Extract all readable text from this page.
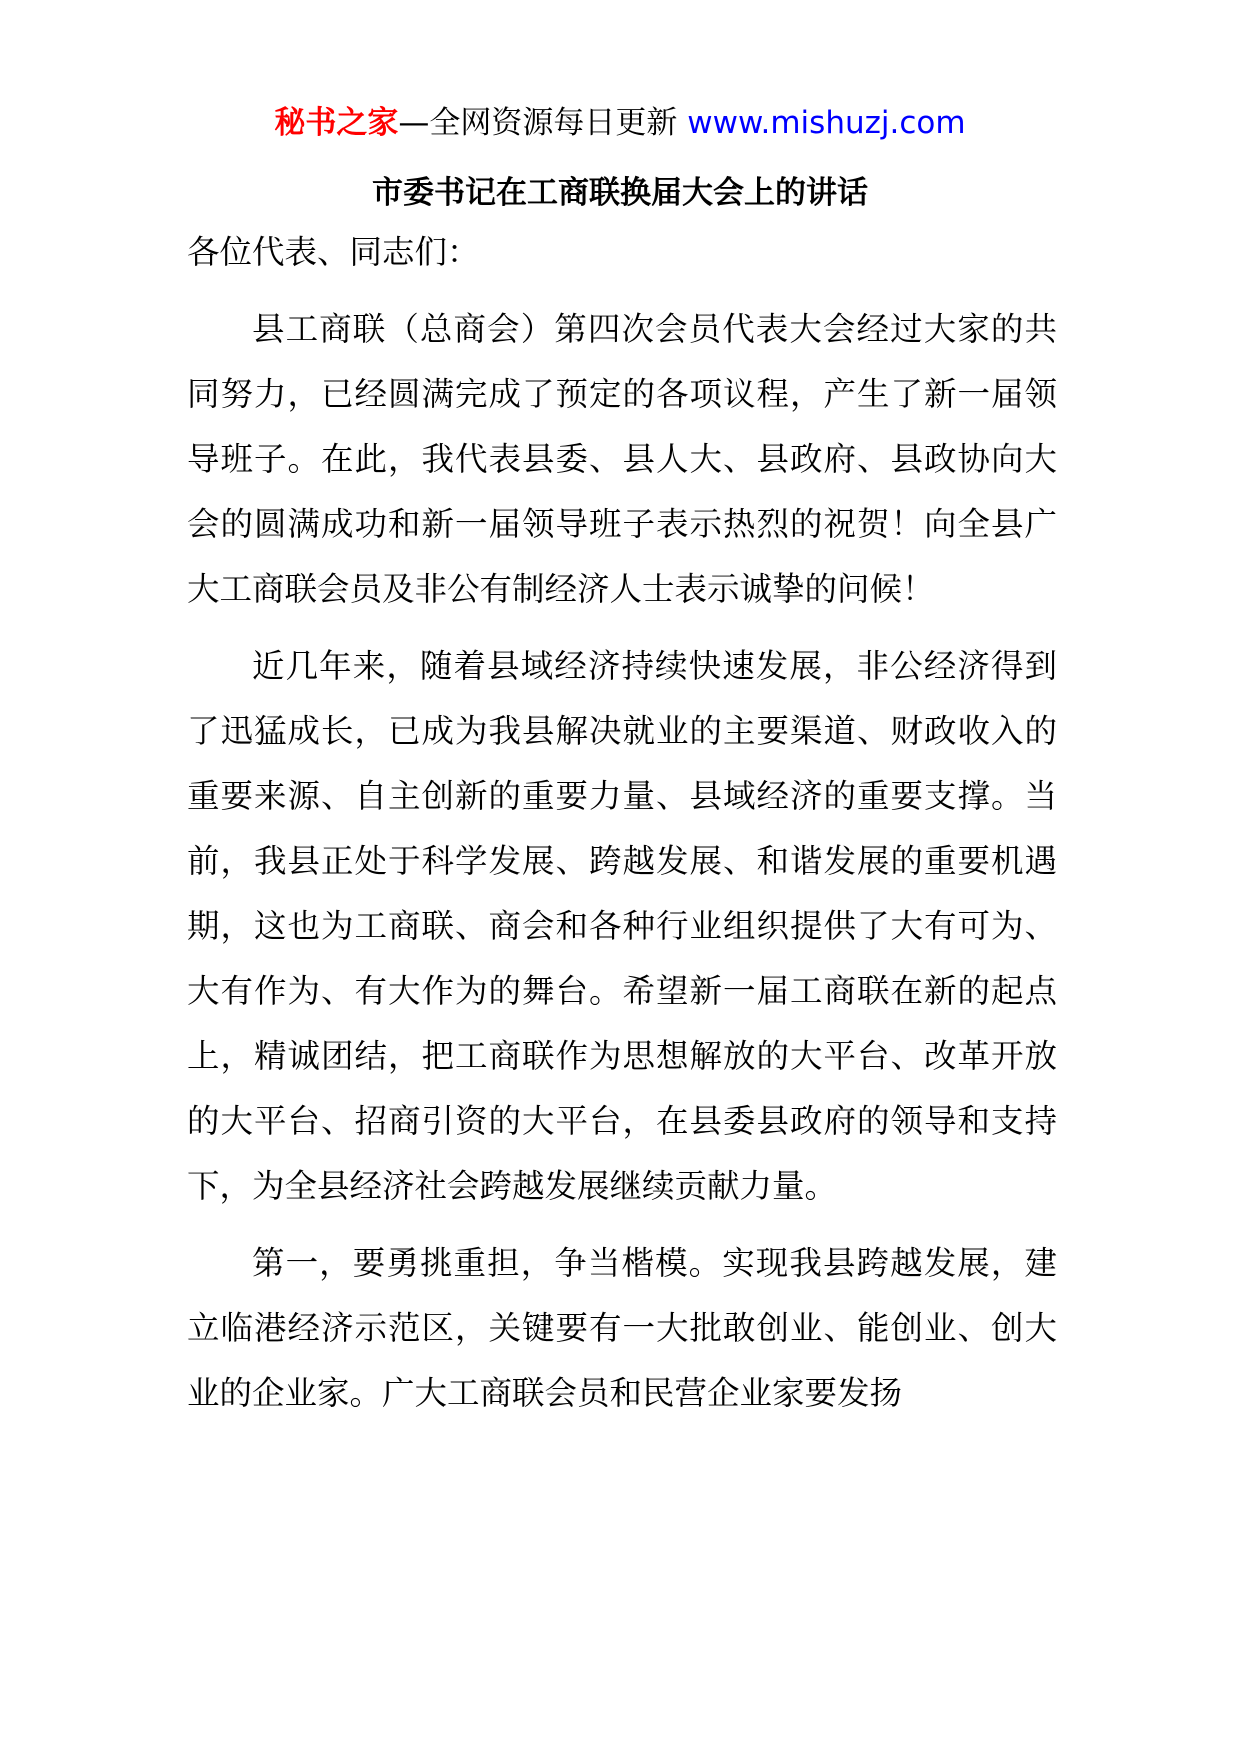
秘书之家—全网资源每日更新 www.mishuzj.com
市委书记在工商联换届大会上的讲话

各位代表、同志们：

县工商联（总商会）第四次会员代表大会经过大家的共同努力，已经圆满完成了预定的各项议程，产生了新一届领导班子。在此，我代表县委、县人大、县政府、县政协向大会的圆满成功和新一届领导班子表示热烈的祝贺！向全县广大工商联会员及非公有制经济人士表示诚挚的问候！

近几年来，随着县域经济持续快速发展，非公经济得到了迅猛成长，已成为我县解决就业的主要渠道、财政收入的重要来源、自主创新的重要力量、县域经济的重要支撑。当前，我县正处于科学发展、跨越发展、和谐发展的重要机遇期，这也为工商联、商会和各种行业组织提供了大有可为、大有作为、有大作为的舞台。希望新一届工商联在新的起点上，精诚团结，把工商联作为思想解放的大平台、改革开放的大平台、招商引资的大平台，在县委县政府的领导和支持下，为全县经济社会跨越发展继续贡献力量。

第一，要勇挑重担，争当楷模。实现我县跨越发展，建立临港经济示范区，关键要有一大批敢创业、能创业、创大业的企业家。广大工商联会员和民营企业家要发扬
